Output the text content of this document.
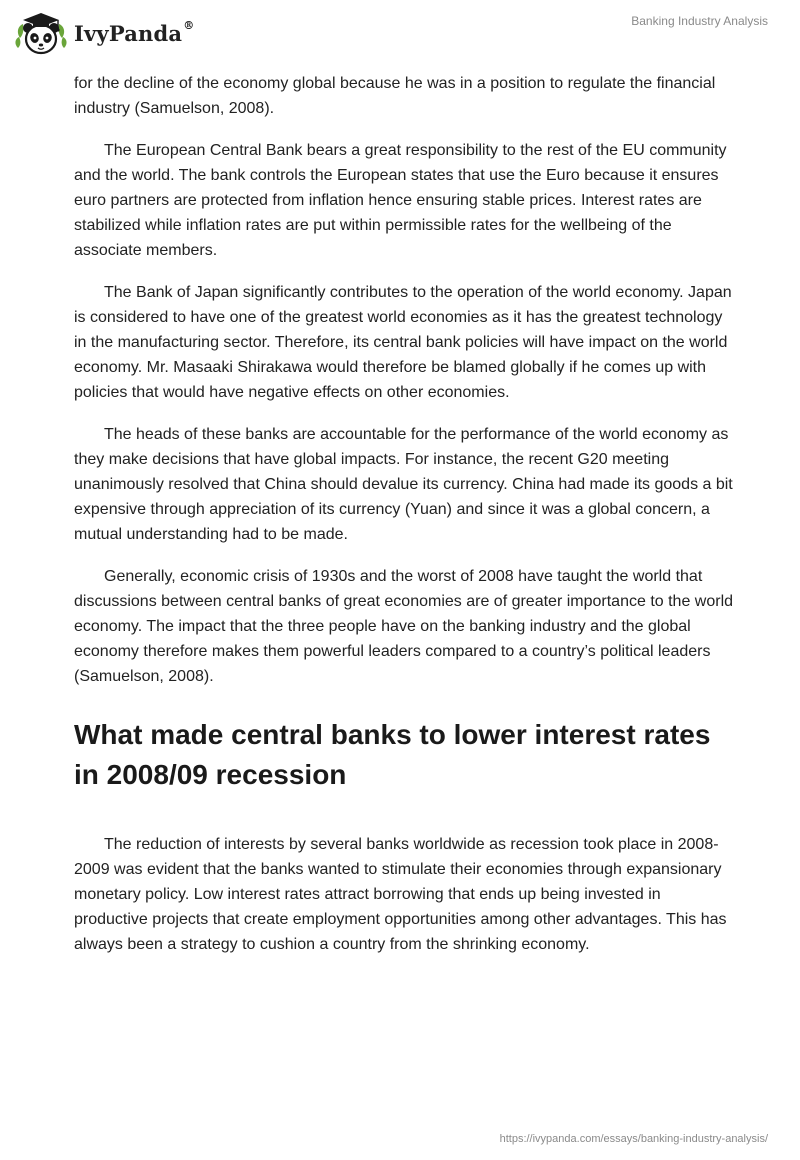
IvyPanda®	Banking Industry Analysis

for the decline of the economy global because he was in a position to regulate the financial industry (Samuelson, 2008).

The European Central Bank bears a great responsibility to the rest of the EU community and the world. The bank controls the European states that use the Euro because it ensures euro partners are protected from inflation hence ensuring stable prices. Interest rates are stabilized while inflation rates are put within permissible rates for the wellbeing of the associate members.

The Bank of Japan significantly contributes to the operation of the world economy. Japan is considered to have one of the greatest world economies as it has the greatest technology in the manufacturing sector. Therefore, its central bank policies will have impact on the world economy. Mr. Masaaki Shirakawa would therefore be blamed globally if he comes up with policies that would have negative effects on other economies.

The heads of these banks are accountable for the performance of the world economy as they make decisions that have global impacts. For instance, the recent G20 meeting unanimously resolved that China should devalue its currency. China had made its goods a bit expensive through appreciation of its currency (Yuan) and since it was a global concern, a mutual understanding had to be made.

Generally, economic crisis of 1930s and the worst of 2008 have taught the world that discussions between central banks of great economies are of greater importance to the world economy. The impact that the three people have on the banking industry and the global economy therefore makes them powerful leaders compared to a country’s political leaders (Samuelson, 2008).

What made central banks to lower interest rates in 2008/09 recession

The reduction of interests by several banks worldwide as recession took place in 2008-2009 was evident that the banks wanted to stimulate their economies through expansionary monetary policy. Low interest rates attract borrowing that ends up being invested in productive projects that create employment opportunities among other advantages. This has always been a strategy to cushion a country from the shrinking economy.

https://ivypanda.com/essays/banking-industry-analysis/
